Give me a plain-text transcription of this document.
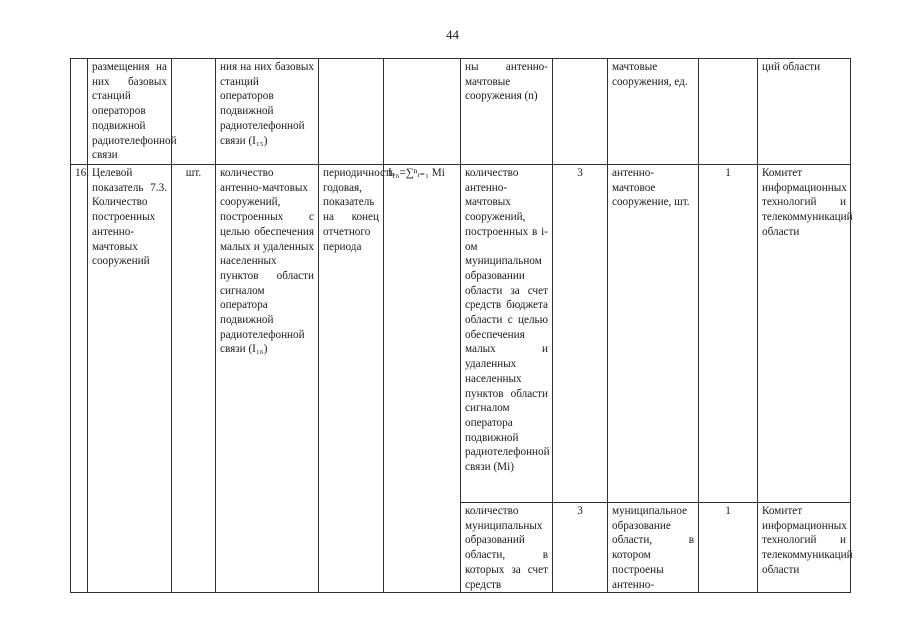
44
	размещения на них базовых станций операторов подвижной радиотелефонной связи		ния на них базовых станций операторов подвижной радиотелефонной связи (I₁₅)			ны антенно-мачтовые сооружения (n)		мачтовые сооружения, ед.		ций области
16.	Целевой показатель 7.3. Количество построенных антенно-мачтовых сооружений	шт.	количество антенно-мачтовых сооружений, построенных с целью обеспечения малых и удаленных населенных пунктов области сигналом оператора подвижной радиотелефонной связи (I₁₆)	периодичность годовая, показатель на конец отчетного периода	I₁₆=∑ⁿᵢ₌₁ Mi	количество антенно-мачтовых сооружений, построенных в i-ом муниципальном образовании области за счет средств бюджета области с целью обеспечения малых и удаленных населенных пунктов области сигналом оператора подвижной радиотелефонной связи (Mi)	3	антенно-мачтовое сооружение, шт.	1	Комитет информационных технологий и телекоммуникаций области
						количество муниципальных образований области, в которых за счет средств	3	муниципальное образование области, в котором построены антенно-	1	Комитет информационных технологий и телекоммуникаций области
